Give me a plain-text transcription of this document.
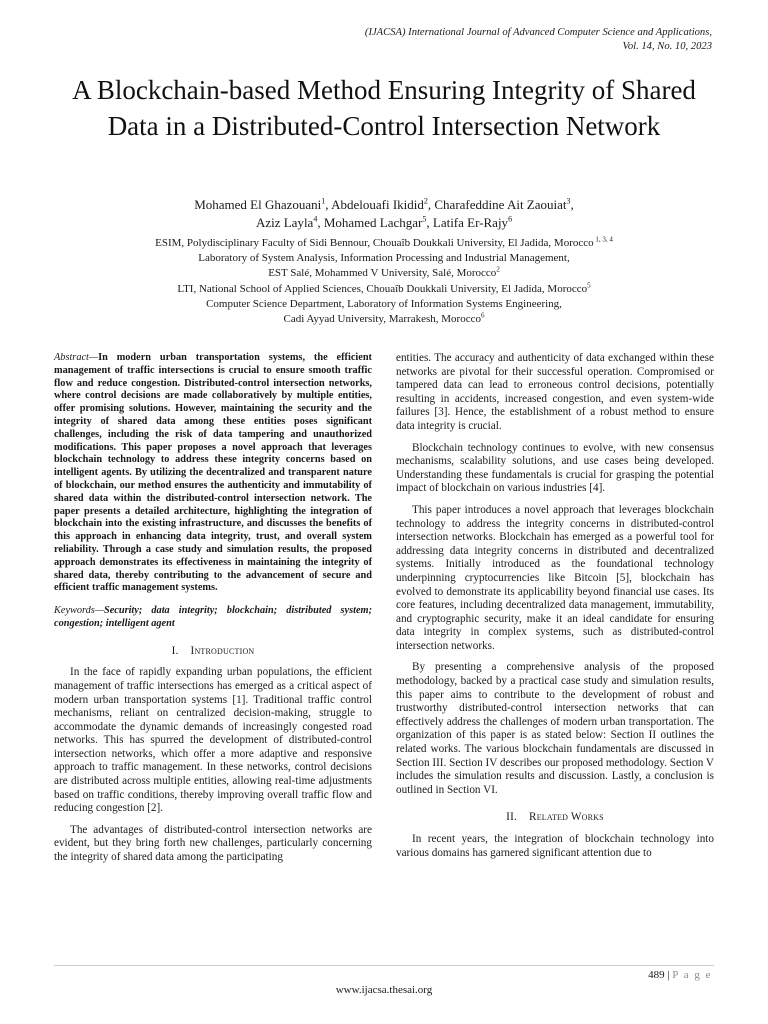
(IJACSA) International Journal of Advanced Computer Science and Applications,
Vol. 14, No. 10, 2023
A Blockchain-based Method Ensuring Integrity of Shared Data in a Distributed-Control Intersection Network
Mohamed El Ghazouani$^1$, Abdelouafi Ikidid$^2$, Charafeddine Ait Zaouiat$^3$,
Aziz Layla$^4$, Mohamed Lachgar$^5$, Latifa Er-Rajy$^6$
ESIM, Polydisciplinary Faculty of Sidi Bennour, Chouaîb Doukkali University, El Jadida, Morocco $^{1, 3, 4}$
Laboratory of System Analysis, Information Processing and Industrial Management,
EST Salé, Mohammed V University, Salé, Morocco$^2$
LTI, National School of Applied Sciences, Chouaîb Doukkali University, El Jadida, Morocco$^5$
Computer Science Department, Laboratory of Information Systems Engineering,
Cadi Ayyad University, Marrakesh, Morocco$^6$

Abstract—In modern urban transportation systems, the efficient management of traffic intersections is crucial to ensure smooth traffic flow and reduce congestion. Distributed-control intersection networks, where control decisions are made collaboratively by multiple entities, offer promising solutions. However, maintaining the security and the integrity of shared data among these entities poses significant challenges, including the risk of data tampering and unauthorized modifications. This paper proposes a novel approach that leverages blockchain technology to address these integrity concerns based on intelligent agents. By utilizing the decentralized and transparent nature of blockchain, our method ensures the authenticity and immutability of shared data within the distributed-control intersection network. The paper presents a detailed architecture, highlighting the integration of blockchain into the existing infrastructure, and discusses the benefits of this approach in enhancing data integrity, trust, and overall system reliability. Through a case study and simulation results, the proposed approach demonstrates its effectiveness in maintaining the integrity of shared data, thereby contributing to the advancement of secure and efficient traffic management systems.

Keywords—Security; data integrity; blockchain; distributed system; congestion; intelligent agent

I. Introduction

In the face of rapidly expanding urban populations, the efficient management of traffic intersections has emerged as a critical aspect of modern urban transportation systems [1]. Traditional traffic control mechanisms, reliant on centralized decision-making, struggle to accommodate the dynamic demands of increasingly congested road networks. This has spurred the development of distributed-control intersection networks, which offer a more adaptive and responsive approach to traffic management. In these networks, control decisions are distributed across multiple entities, allowing real-time adjustments based on traffic conditions, thereby improving overall traffic flow and reducing congestion [2].

The advantages of distributed-control intersection networks are evident, but they bring forth new challenges, particularly concerning the integrity of shared data among the participating

entities. The accuracy and authenticity of data exchanged within these networks are pivotal for their successful operation. Compromised or tampered data can lead to erroneous control decisions, potentially resulting in accidents, increased congestion, and even system-wide failures [3]. Hence, the establishment of a robust method to ensure data integrity is crucial.

Blockchain technology continues to evolve, with new consensus mechanisms, scalability solutions, and use cases being developed. Understanding these fundamentals is crucial for grasping the potential impact of blockchain on various industries [4].

This paper introduces a novel approach that leverages blockchain technology to address the integrity concerns in distributed-control intersection networks. Blockchain has emerged as a powerful tool for addressing data integrity concerns in distributed and decentralized systems. Initially introduced as the foundational technology underpinning cryptocurrencies like Bitcoin [5], blockchain has evolved to demonstrate its applicability beyond financial use cases. Its core features, including decentralized data management, immutability, and cryptographic security, make it an ideal candidate for ensuring data integrity in complex systems, such as distributed-control intersection networks.

By presenting a comprehensive analysis of the proposed methodology, backed by a practical case study and simulation results, this paper aims to contribute to the development of robust and trustworthy distributed-control intersection networks that can effectively address the challenges of modern urban transportation. The organization of this paper is as stated below: Section II outlines the related works. The various blockchain fundamentals are discussed in Section III. Section IV describes our proposed methodology. Section V includes the simulation results and discussion. Lastly, a conclusion is outlined in Section VI.

II. Related Works

In recent years, the integration of blockchain technology into various domains has garnered significant attention due to

489 | P a g e
www.ijacsa.thesai.org
